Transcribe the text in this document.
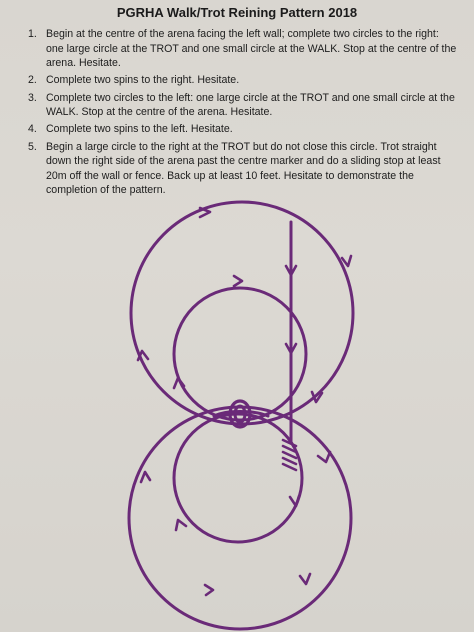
PGRHA Walk/Trot Reining Pattern 2018
1. Begin at the centre of the arena facing the left wall; complete two circles to the right: one large circle at the TROT and one small circle at the WALK. Stop at the centre of the arena. Hesitate.
2. Complete two spins to the right. Hesitate.
3. Complete two circles to the left: one large circle at the TROT and one small circle at the WALK. Stop at the centre of the arena. Hesitate.
4. Complete two spins to the left. Hesitate.
5. Begin a large circle to the right at the TROT but do not close this circle. Trot straight down the right side of the arena past the centre marker and do a sliding stop at least 20m off the wall or fence. Back up at least 10 feet. Hesitate to demonstrate the completion of the pattern.
